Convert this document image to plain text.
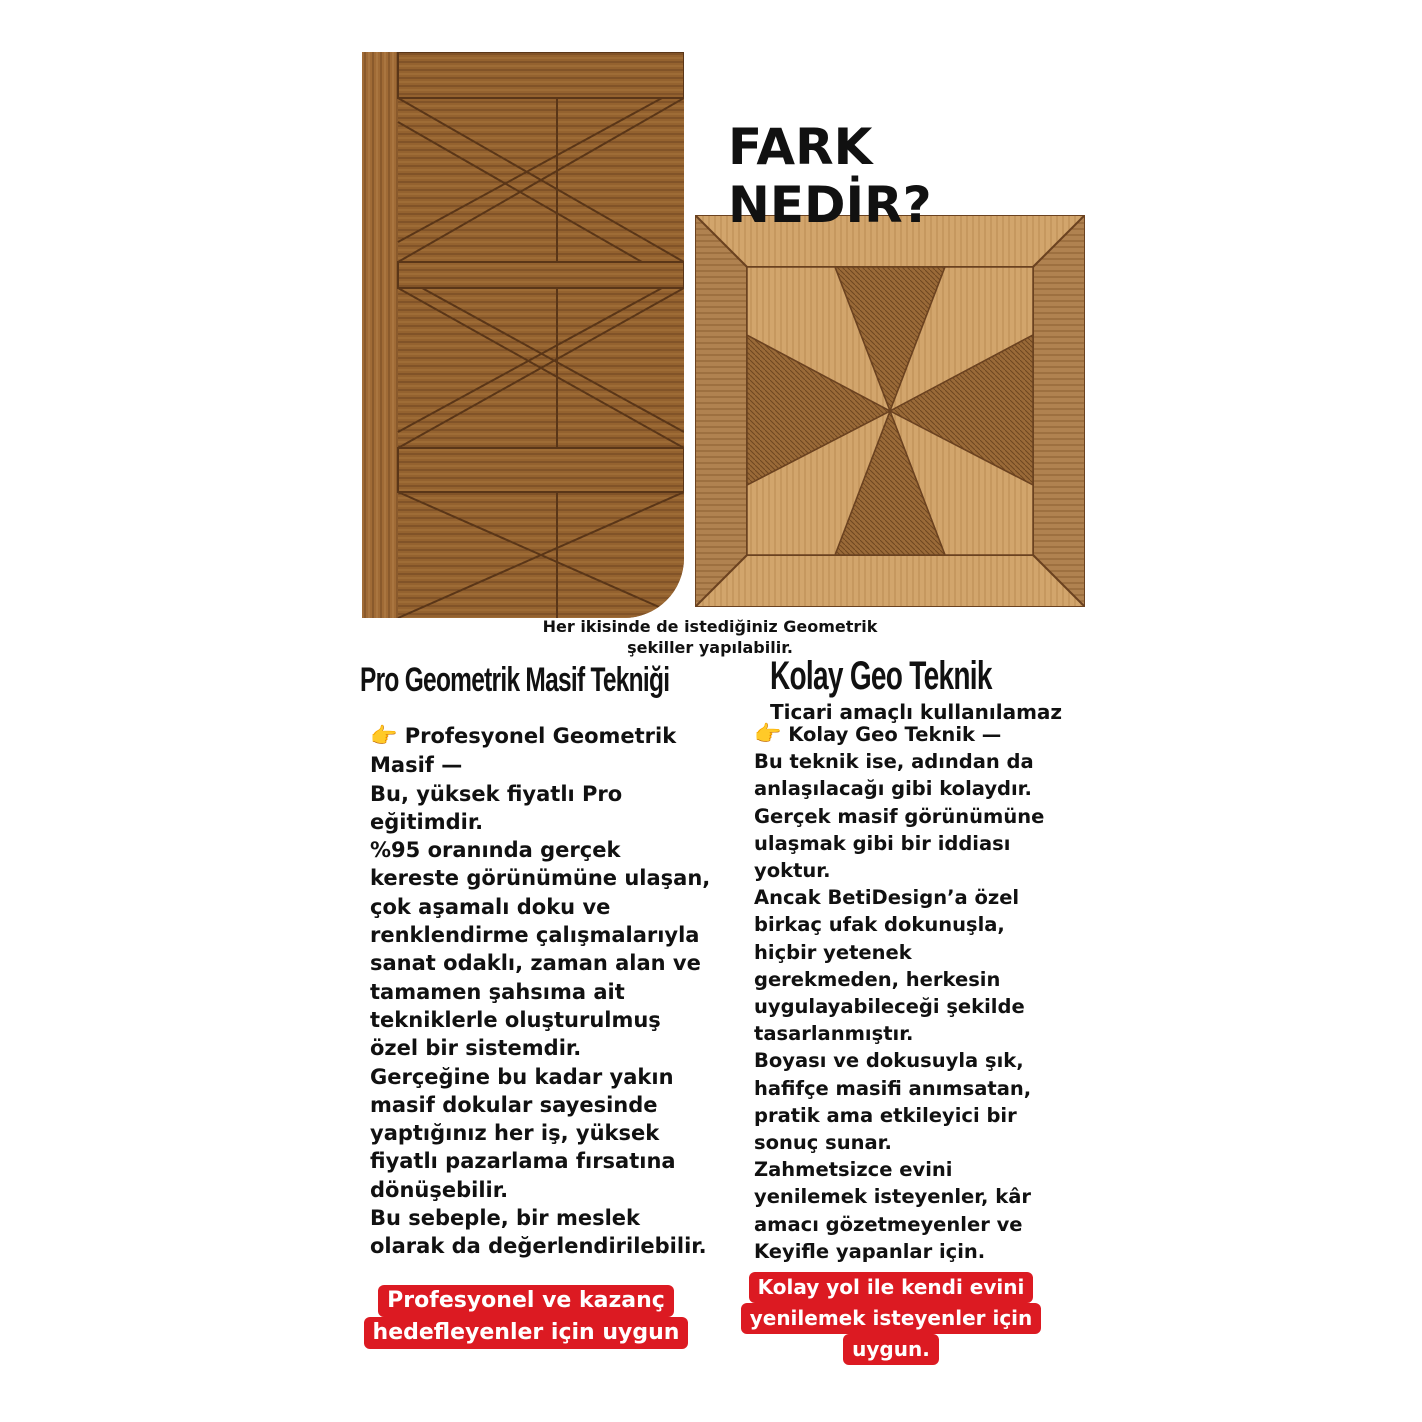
FARK NEDİR?
Her ikisinde de istediğiniz Geometrik
şekiller yapılabilir.
Pro Geometrik Masif Tekniği	Kolay Geo Teknik
Ticari amaçlı kullanılamaz
👉 Profesyonel Geometrik
Masif —
Bu, yüksek fiyatlı Pro
eğitimdir.
%95 oranında gerçek
kereste görünümüne ulaşan,
çok aşamalı doku ve
renklendirme çalışmalarıyla
sanat odaklı, zaman alan ve
tamamen şahsıma ait
tekniklerle oluşturulmuş
özel bir sistemdir.
Gerçeğine bu kadar yakın
masif dokular sayesinde
yaptığınız her iş, yüksek
fiyatlı pazarlama fırsatına
dönüşebilir.
Bu sebeple, bir meslek
olarak da değerlendirilebilir.
👉 Kolay Geo Teknik —
Bu teknik ise, adından da
anlaşılacağı gibi kolaydır.
Gerçek masif görünümüne
ulaşmak gibi bir iddiası
yoktur.
Ancak BetiDesign’a özel
birkaç ufak dokunuşla,
hiçbir yetenek
gerekmeden, herkesin
uygulayabileceği şekilde
tasarlanmıştır.
Boyası ve dokusuyla şık,
hafifçe masifi anımsatan,
pratik ama etkileyici bir
sonuç sunar.
Zahmetsizce evini
yenilemek isteyenler, kâr
amacı gözetmeyenler ve
Keyifle yapanlar için.
Profesyonel ve kazanç
hedefleyenler için uygun
Kolay yol ile kendi evini
yenilemek isteyenler için
uygun.
